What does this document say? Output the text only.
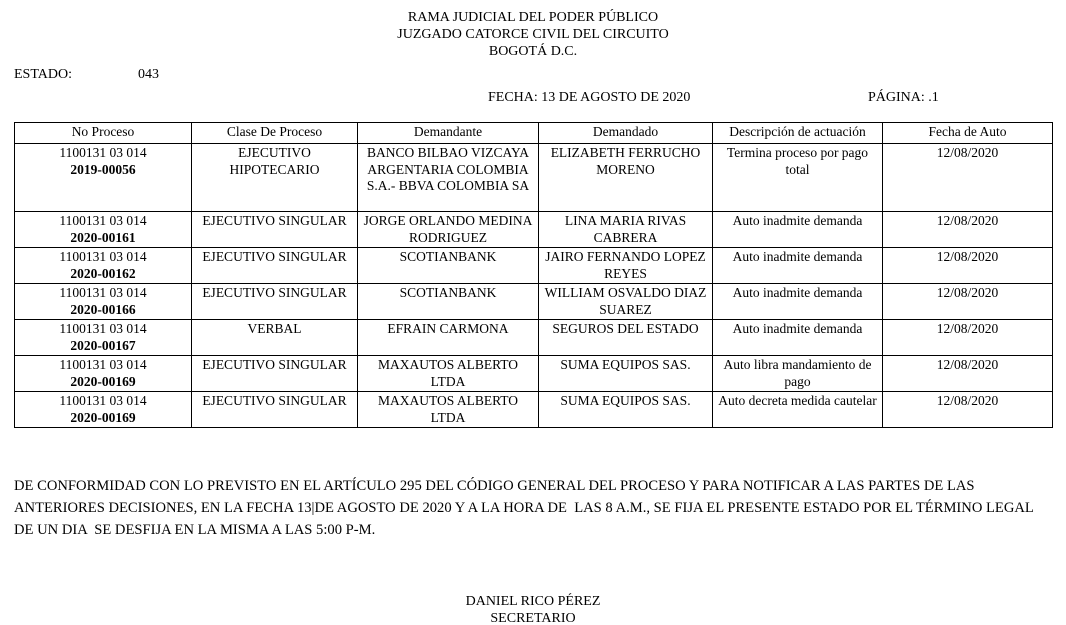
RAMA JUDICIAL DEL PODER PÚBLICO
JUZGADO CATORCE CIVIL DEL CIRCUITO
BOGOTÁ D.C.
ESTADO:	043
FECHA: 13 DE AGOSTO DE 2020	PÁGINA: .1
No Proceso	Clase De Proceso	Demandante	Demandado	Descripción de actuación	Fecha de Auto

1100131 03 014
2019-00056	EJECUTIVO HIPOTECARIO	BANCO BILBAO VIZCAYA ARGENTARIA COLOMBIA S.A.- BBVA COLOMBIA SA	ELIZABETH FERRUCHO MORENO	Termina proceso por pago total	12/08/2020

1100131 03 014
2020-00161	EJECUTIVO SINGULAR	JORGE ORLANDO MEDINA RODRIGUEZ	LINA MARIA RIVAS CABRERA	Auto inadmite demanda	12/08/2020

1100131 03 014
2020-00162	EJECUTIVO SINGULAR	SCOTIANBANK	JAIRO FERNANDO LOPEZ REYES	Auto inadmite demanda	12/08/2020

1100131 03 014
2020-00166	EJECUTIVO SINGULAR	SCOTIANBANK	WILLIAM OSVALDO DIAZ SUAREZ	Auto inadmite demanda	12/08/2020

1100131 03 014
2020-00167	VERBAL	EFRAIN CARMONA	SEGUROS DEL ESTADO	Auto inadmite demanda	12/08/2020

1100131 03 014
2020-00169	EJECUTIVO SINGULAR	MAXAUTOS ALBERTO LTDA	SUMA EQUIPOS SAS.	Auto libra mandamiento de pago	12/08/2020

1100131 03 014
2020-00169	EJECUTIVO SINGULAR	MAXAUTOS ALBERTO LTDA	SUMA EQUIPOS SAS.	Auto decreta medida cautelar	12/08/2020
DE CONFORMIDAD CON LO PREVISTO EN EL ARTÍCULO 295 DEL CÓDIGO GENERAL DEL PROCESO Y PARA NOTIFICAR A LAS PARTES DE LAS ANTERIORES DECISIONES, EN LA FECHA 13|DE AGOSTO DE 2020 Y A LA HORA DE  LAS 8 A.M., SE FIJA EL PRESENTE ESTADO POR EL TÉRMINO LEGAL DE UN DIA  SE DESFIJA EN LA MISMA A LAS 5:00 P-M.
DANIEL RICO PÉREZ
SECRETARIO
